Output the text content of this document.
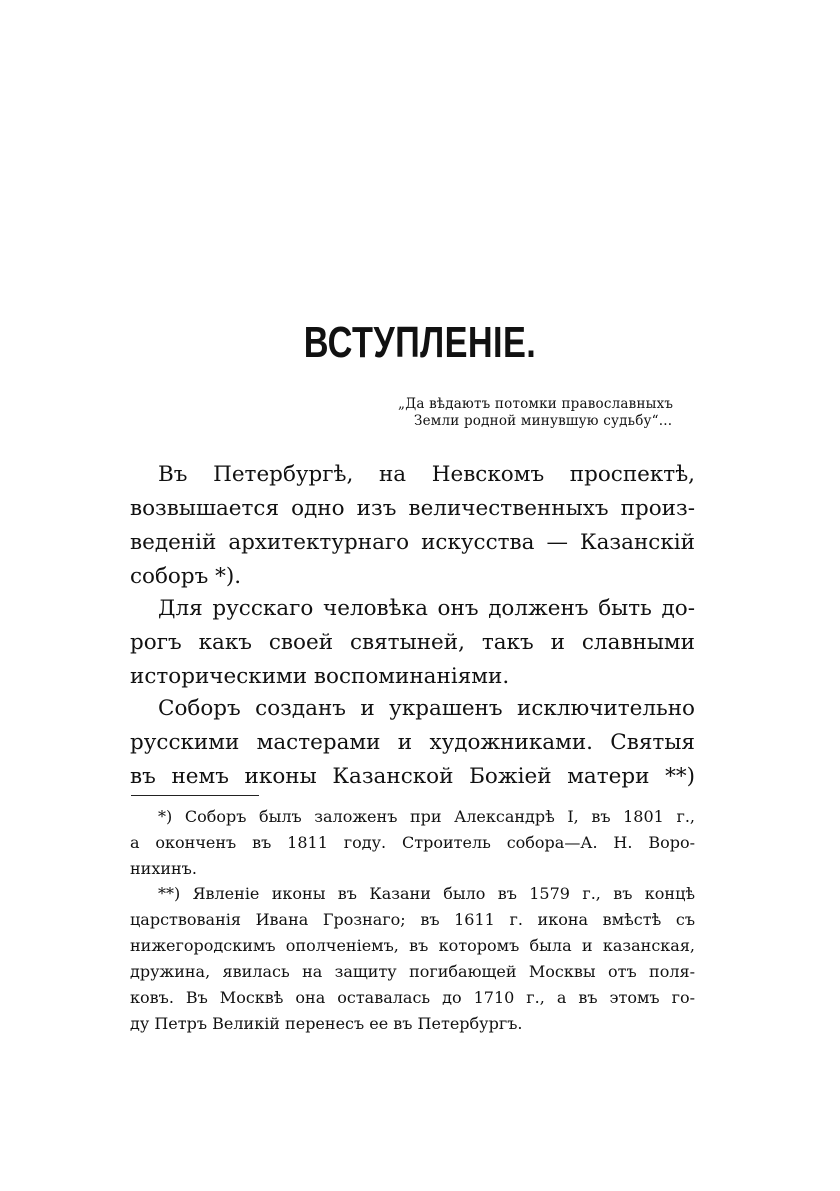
ВСТУПЛЕНІЕ.
„Да вѣдаютъ потомки православныхъ
Земли родной минувшую судьбу“...
Въ Петербургѣ, на Невскомъ проспектѣ,
возвышается одно изъ величественныхъ произ-
веденій архитектурнаго искусства — Казанскій
соборъ *).
Для русскаго человѣка онъ долженъ быть до-
рогъ какъ своей святыней, такъ и славными
историческими воспоминаніями.
Соборъ созданъ и украшенъ исключительно
русскими мастерами и художниками. Святыя
въ немъ иконы Казанской Божіей матери **)
*) Соборъ былъ заложенъ при Александрѣ I, въ 1801 г.,
а оконченъ въ 1811 году. Строитель собора—А. Н. Воро-
нихинъ.
**) Явленіе иконы въ Казани было въ 1579 г., въ концѣ
царствованія Ивана Грознаго; въ 1611 г. икона вмѣстѣ съ
нижегородскимъ ополченіемъ, въ которомъ была и казанская,
дружина, явилась на защиту погибающей Москвы отъ поля-
ковъ. Въ Москвѣ она оставалась до 1710 г., а въ этомъ го-
ду Петръ Великій перенесъ ее въ Петербургъ.
